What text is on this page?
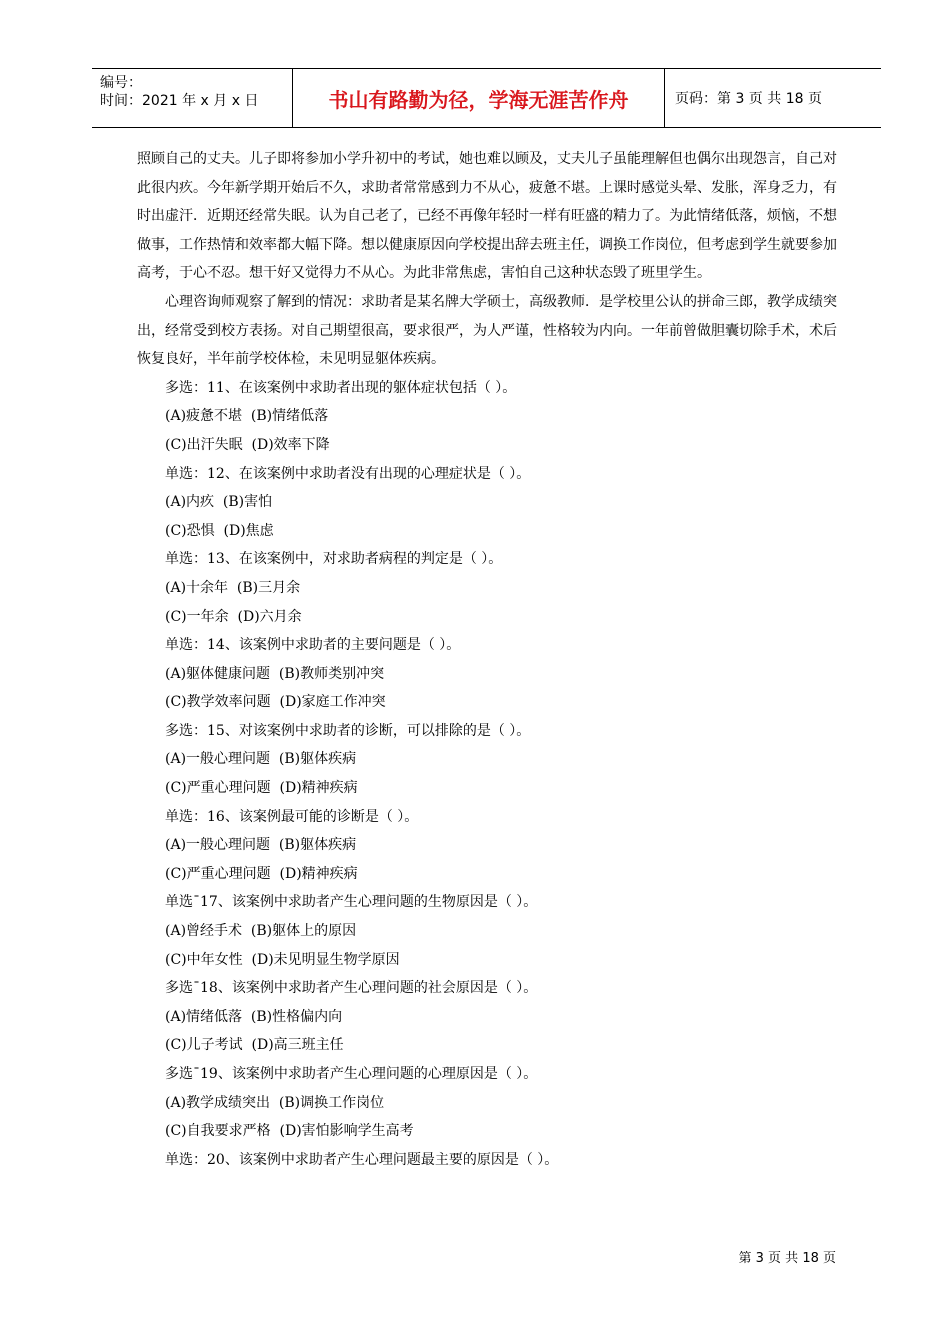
编号：
时间：2021 年 x 月 x 日	书山有路勤为径，学海无涯苦作舟	页码：第 3 页 共 18 页

照顾自己的丈夫。儿子即将参加小学升初中的考试，她也难以顾及，丈夫儿子虽能理解但也偶尔出现怨言，自己对此很内疚。今年新学期开始后不久，求助者常常感到力不从心，疲惫不堪。上课时感觉头晕、发胀，浑身乏力，有时出虚汗．近期还经常失眠。认为自己老了，已经不再像年轻时一样有旺盛的精力了。为此情绪低落，烦恼，不想做事，工作热情和效率都大幅下降。想以健康原因向学校提出辞去班主任，调换工作岗位，但考虑到学生就要参加高考，于心不忍。想干好又觉得力不从心。为此非常焦虑，害怕自己这种状态毁了班里学生。

心理咨询师观察了解到的情况：求助者是某名牌大学硕士，高级教师．是学校里公认的拼命三郎，教学成绩突出，经常受到校方表扬。对自己期望很高，要求很严，为人严谨，性格较为内向。一年前曾做胆囊切除手术，术后恢复良好，半年前学校体检，未见明显躯体疾病。

多选：11、在该案例中求助者出现的躯体症状包括（ ）。

(A)疲惫不堪  (B)情绪低落

(C)出汗失眠  (D)效率下降

单选：12、在该案例中求助者没有出现的心理症状是（ ）。

(A)内疚  (B)害怕

(C)恐惧  (D)焦虑

单选：13、在该案例中，对求助者病程的判定是（ ）。

(A)十余年  (B)三月余

(C)一年余  (D)六月余

单选：14、该案例中求助者的主要问题是（ ）。

(A)躯体健康问题  (B)教师类别冲突

(C)教学效率问题  (D)家庭工作冲突

多选：15、对该案例中求助者的诊断，可以排除的是（ ）。

(A)一般心理问题  (B)躯体疾病

(C)严重心理问题  (D)精神疾病

单选：16、该案例最可能的诊断是（ ）。

(A)一般心理问题  (B)躯体疾病

(C)严重心理问题  (D)精神疾病

单选¯17、该案例中求助者产生心理问题的生物原因是（ ）。

(A)曾经手术  (B)躯体上的原因

(C)中年女性  (D)未见明显生物学原因

多选¯18、该案例中求助者产生心理问题的社会原因是（ ）。

(A)情绪低落  (B)性格偏内向

(C)儿子考试  (D)高三班主任

多选¯19、该案例中求助者产生心理问题的心理原因是（ ）。

(A)教学成绩突出  (B)调换工作岗位

(C)自我要求严格  (D)害怕影响学生高考

单选：20、该案例中求助者产生心理问题最主要的原因是（ ）。

第 3 页 共 18 页
